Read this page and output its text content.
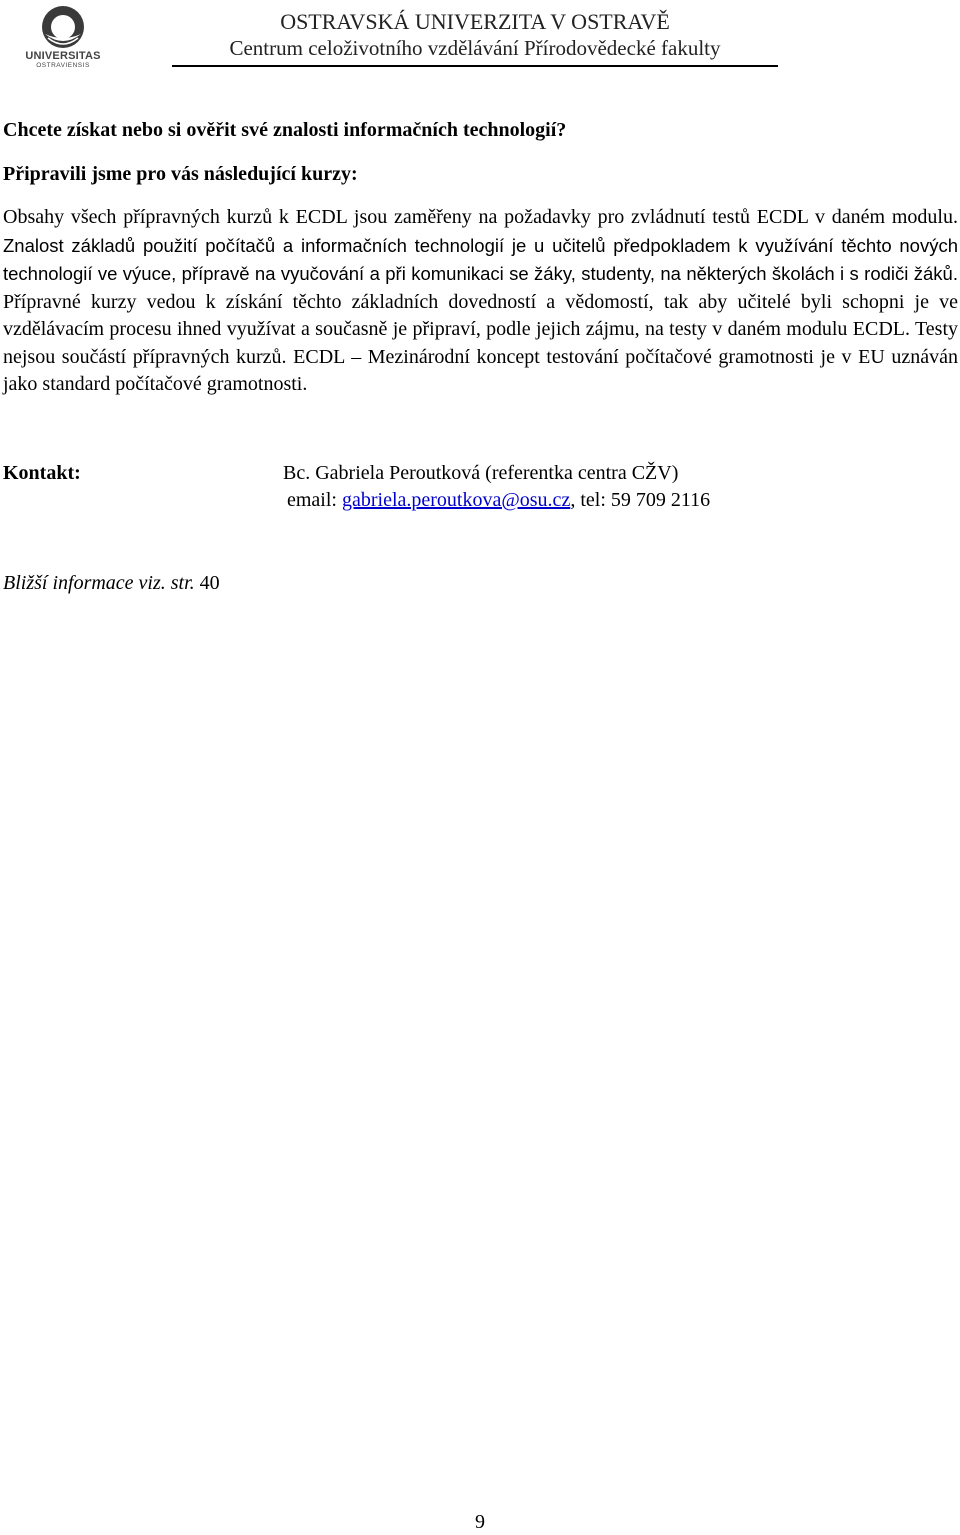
UNIVERSITAS
OSTRAVIENSIS
OSTRAVSKÁ UNIVERZITA V OSTRAVĚ
Centrum celoživotního vzdělávání Přírodovědecké fakulty

Chcete získat nebo si ověřit své znalosti informačních technologií?

Připravili jsme pro vás následující kurzy:

Obsahy všech přípravných kurzů k ECDL jsou zaměřeny na požadavky pro zvládnutí testů ECDL v daném modulu. Znalost základů použití počítačů a informačních technologií je u učitelů předpokladem k využívání těchto nových technologií ve výuce, přípravě na vyučování a při komunikaci se žáky, studenty, na některých školách i s rodiči žáků. Přípravné kurzy vedou k získání těchto základních dovedností a vědomostí, tak aby učitelé byli schopni je ve vzdělávacím procesu ihned využívat a současně je připraví, podle jejich zájmu, na testy v daném modulu ECDL. Testy nejsou součástí přípravných kurzů. ECDL – Mezinárodní koncept testování počítačové gramotnosti je v EU uznáván jako standard počítačové gramotnosti.

Kontakt:	Bc. Gabriela Peroutková (referentka centra CŽV)
email: gabriela.peroutkova@osu.cz, tel: 59 709 2116
Bližší informace viz. str. 40
9
